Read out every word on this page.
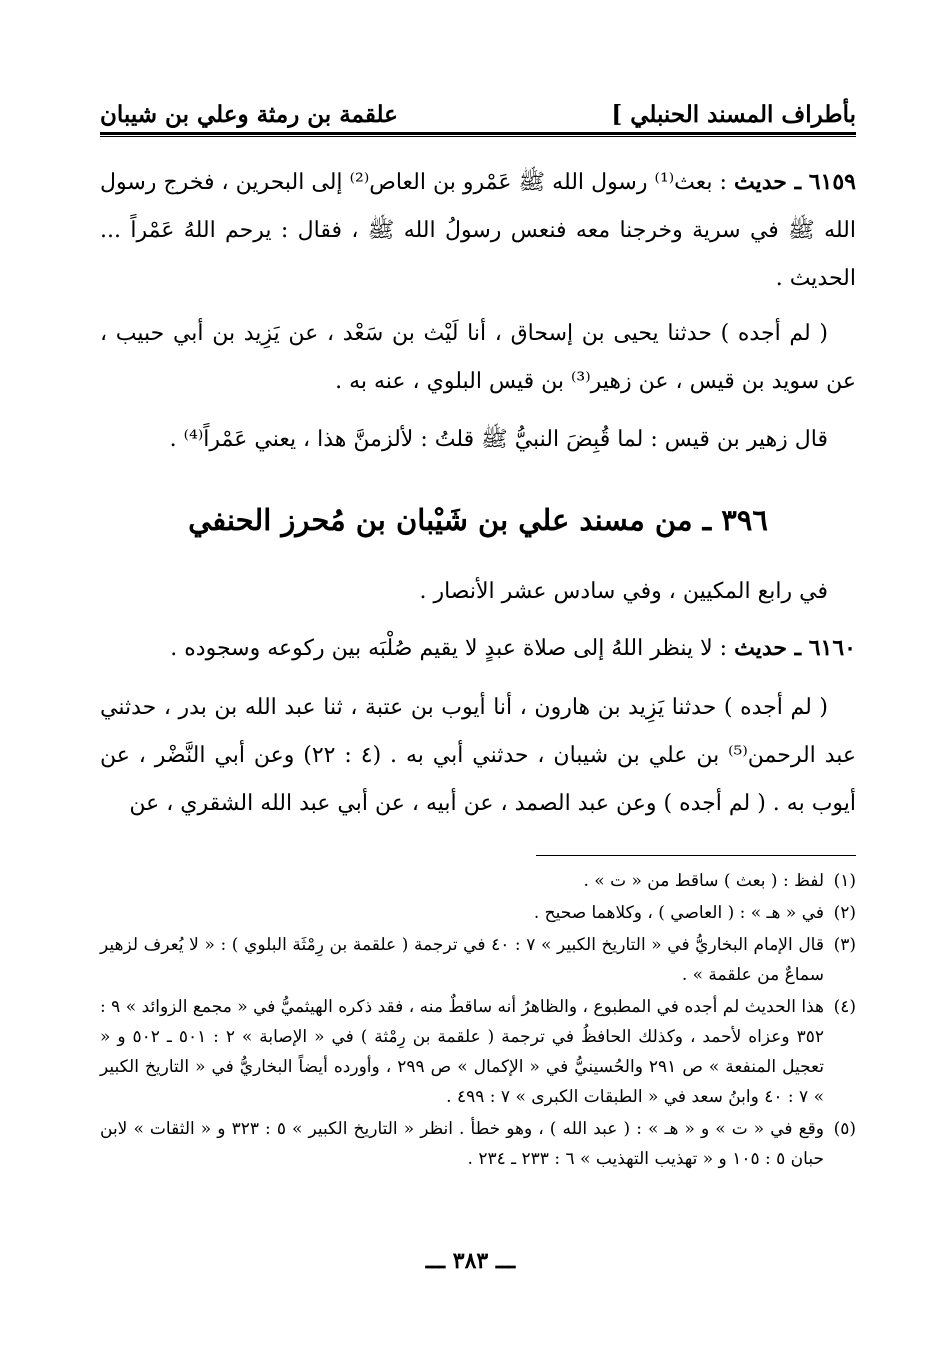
بأطراف المسند الحنبلي ]
علقمة بن رمثة وعلي بن شيبان

٦١٥٩ ـ حديث : بعث⁽¹⁾ رسول الله ﷺ عَمْرو بن العاص⁽²⁾ إلى البحرين ، فخرج رسول الله ﷺ في سرية وخرجنا معه فنعس رسولُ الله ﷺ ، فقال : يرحم اللهُ عَمْراً ... الحديث .

( لم أجده ) حدثنا يحيى بن إسحاق ، أنا لَيْث بن سَعْد ، عن يَزِيد بن أبي حبيب ، عن سويد بن قيس ، عن زهير⁽³⁾ بن قيس البلوي ، عنه به .

قال زهير بن قيس : لما قُبِضَ النبيُّ ﷺ قلتُ : لألزمنَّ هذا ، يعني عَمْراً⁽⁴⁾ .

٣٩٦ ـ من مسند علي بن شَيْبان بن مُحرز الحنفي

في رابع المكيين ، وفي سادس عشر الأنصار .

٦١٦٠ ـ حديث : لا ينظر اللهُ إلى صلاة عبدٍ لا يقيم صُلْبَه بين ركوعه وسجوده .

( لم أجده ) حدثنا يَزِيد بن هارون ، أنا أيوب بن عتبة ، ثنا عبد الله بن بدر ، حدثني عبد الرحمن⁽⁵⁾ بن علي بن شيبان ، حدثني أبي به . (٤ : ٢٢) وعن أبي النَّضْر ، عن أيوب به . ( لم أجده ) وعن عبد الصمد ، عن أبيه ، عن أبي عبد الله الشقري ، عن

(١)
لفظ : ( بعث ) ساقط من « ت » .
(٢)
في « هـ » : ( العاصي ) ، وكلاهما صحيح .
(٣)
قال الإمام البخاريُّ في « التاريخ الكبير » ٧ : ٤٠ في ترجمة ( علقمة بن رِمْثَة البلوي ) : « لا يُعرف لزهير سماعٌ من علقمة » .
(٤)
هذا الحديث لم أجده في المطبوع ، والظاهرُ أنه ساقطٌ منه ، فقد ذكره الهيثميُّ في « مجمع الزوائد » ٩ : ٣٥٢ وعزاه لأحمد ، وكذلك الحافظُ في ترجمة ( علقمة بن رِمْثة ) في « الإصابة » ٢ : ٥٠١ ـ ٥٠٢ و « تعجيل المنفعة » ص ٢٩١ والحُسينيُّ في « الإكمال » ص ٢٩٩ ، وأورده أيضاً البخاريُّ في « التاريخ الكبير » ٧ : ٤٠ وابنُ سعد في « الطبقات الكبرى » ٧ : ٤٩٩ .
(٥)
وقع في « ت » و « هـ » : ( عبد الله ) ، وهو خطأ . انظر « التاريخ الكبير » ٥ : ٣٢٣ و « الثقات » لابن حبان ٥ : ١٠٥ و « تهذيب التهذيب » ٦ : ٢٣٣ ـ ٢٣٤ .
ـــ ٣٨٣ ـــ
